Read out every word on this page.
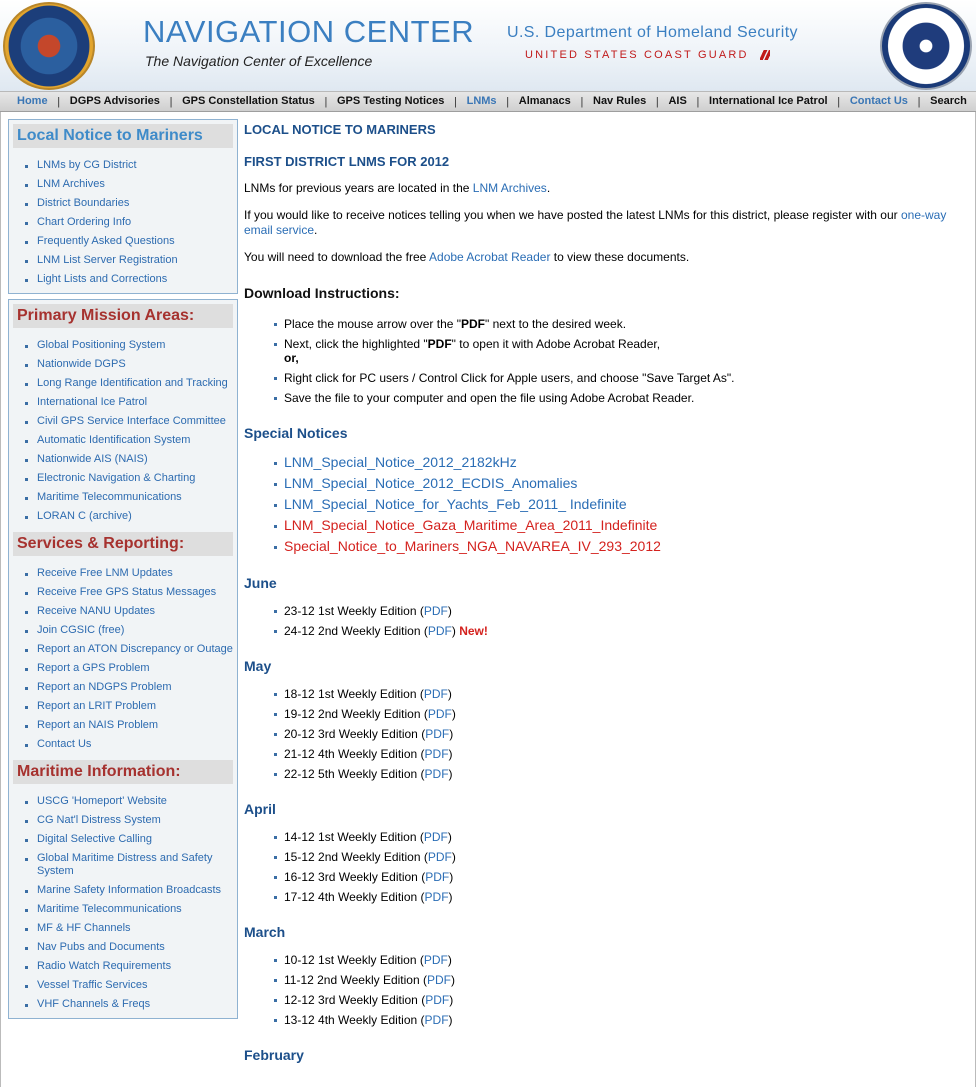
NAVIGATION CENTER
The Navigation Center of Excellence
U.S. Department of Homeland Security
UNITED STATES COAST GUARD
Home | DGPS Advisories | GPS Constellation Status | GPS Testing Notices | LNMs | Almanacs | Nav Rules | AIS | International Ice Patrol | Contact Us | Search
Local Notice to Mariners
LNMs by CG District
LNM Archives
District Boundaries
Chart Ordering Info
Frequently Asked Questions
LNM List Server Registration
Light Lists and Corrections
Primary Mission Areas:
Global Positioning System
Nationwide DGPS
Long Range Identification and Tracking
International Ice Patrol
Civil GPS Service Interface Committee
Automatic Identification System
Nationwide AIS (NAIS)
Electronic Navigation & Charting
Maritime Telecommunications
LORAN C (archive)
Services & Reporting:
Receive Free LNM Updates
Receive Free GPS Status Messages
Receive NANU Updates
Join CGSIC (free)
Report an ATON Discrepancy or Outage
Report a GPS Problem
Report an NDGPS Problem
Report an LRIT Problem
Report an NAIS Problem
Contact Us
Maritime Information:
USCG 'Homeport' Website
CG Nat'l Distress System
Digital Selective Calling
Global Maritime Distress and Safety System
Marine Safety Information Broadcasts
Maritime Telecommunications
MF & HF Channels
Nav Pubs and Documents
Radio Watch Requirements
Vessel Traffic Services
VHF Channels & Freqs
LOCAL NOTICE TO MARINERS
FIRST DISTRICT LNMS FOR 2012

LNMs for previous years are located in the LNM Archives.

If you would like to receive notices telling you when we have posted the latest LNMs for this district, please register with our one-way email service.

You will need to download the free Adobe Acrobat Reader to view these documents.

Download Instructions:
Place the mouse arrow over the "PDF" next to the desired week.
Next, click the highlighted "PDF" to open it with Adobe Acrobat Reader,
or,
Right click for PC users / Control Click for Apple users, and choose "Save Target As".
Save the file to your computer and open the file using Adobe Acrobat Reader.
Special Notices
LNM_Special_Notice_2012_2182kHz
LNM_Special_Notice_2012_ECDIS_Anomalies
LNM_Special_Notice_for_Yachts_Feb_2011_ Indefinite
LNM_Special_Notice_Gaza_Maritime_Area_2011_Indefinite
Special_Notice_to_Mariners_NGA_NAVAREA_IV_293_2012
June
23-12 1st Weekly Edition (PDF)
24-12 2nd Weekly Edition (PDF) New!
May
18-12 1st Weekly Edition (PDF)
19-12 2nd Weekly Edition (PDF)
20-12 3rd Weekly Edition (PDF)
21-12 4th Weekly Edition (PDF)
22-12 5th Weekly Edition (PDF)
April
14-12 1st Weekly Edition (PDF)
15-12 2nd Weekly Edition (PDF)
16-12 3rd Weekly Edition (PDF)
17-12 4th Weekly Edition (PDF)
March
10-12 1st Weekly Edition (PDF)
11-12 2nd Weekly Edition (PDF)
12-12 3rd Weekly Edition (PDF)
13-12 4th Weekly Edition (PDF)
February
